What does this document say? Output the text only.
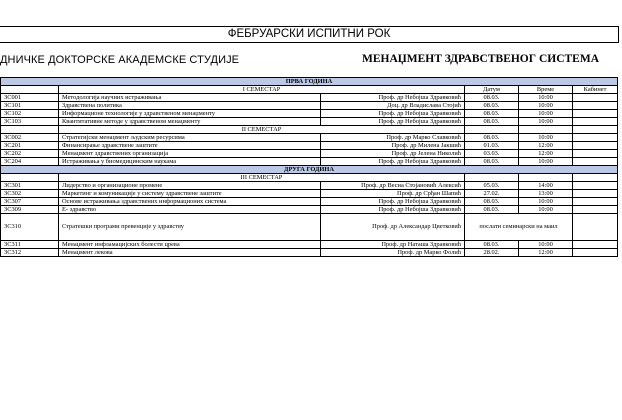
ФЕБРУАРСКИ ИСПИТНИ РОК
ДНИЧКЕ ДОКТОРСКЕ АКАДЕМСКЕ СТУДИЈЕ	МЕНАЏМЕНТ ЗДРАВСТВЕНОГ СИСТЕМА
ПРВА ГОДИНА					
	I СЕМЕСТАР		Датум	Време	Кабинет
ЗС001	Методологија научних истраживања	Проф. др Небојша Здравковић	08.03.	10:00	
ЗС101	Здравствена политика	Доц. др Владислава Стојић	08.03.	10:00	
ЗС102	Информационе технологије у здравственом менаџменту	Проф. др Небојша Здравковић	08.03.	10:00	
ЗС103	Квантитативне методе у здравственом менаџменту	Проф. др Небојша Здравковић	08.03.	10:00	
	II СЕМЕСТАР				
ЗС002	Стратегијски менаџмент људским ресурсима	Проф. др Марко Славковић	08.03.	10:00	
ЗС201	Финансирање здравствене заштите	Проф. др Милена Јакшић	01.03.	12:00	
ЗС202	Менаџмент здравствених организација	Проф. др Јелена Николић	03.03.	12:00	
ЗС204	Истраживања у биомедицинским наукама	Проф. др Небојша Здравковић	08.03.	10:00	
ДРУГА ГОДИНА					
	III СЕМЕСТАР				
ЗС301	Лидерство и организационе промене	Проф. др Весна Стојановић Алексић	05.03.	14:00	
ЗС302	Маркетинг и комуникације у систему здравствене заштите	Проф. др Срђан Шапић	27.02.	13:00	
ЗС307	Основе истраживања здравствених информационих система	Проф. др Небојша Здравковић	08.03.	10:00	
ЗС309	Е- здравство	Проф. др Небојша Здравковић	08.03.	10:00	
ЗС310	Стратешки програми превенције у здравству	Проф. др Александар Цветковић	послати семинарски на маил		

ЗС311	Менаџмент инфламацијских болести црева	Проф. др Наташа Здравковић	08.03.	10:00	
ЗС312	Менаџмент лекова	Проф. др Марко Фолић	28.02.	12:00	
